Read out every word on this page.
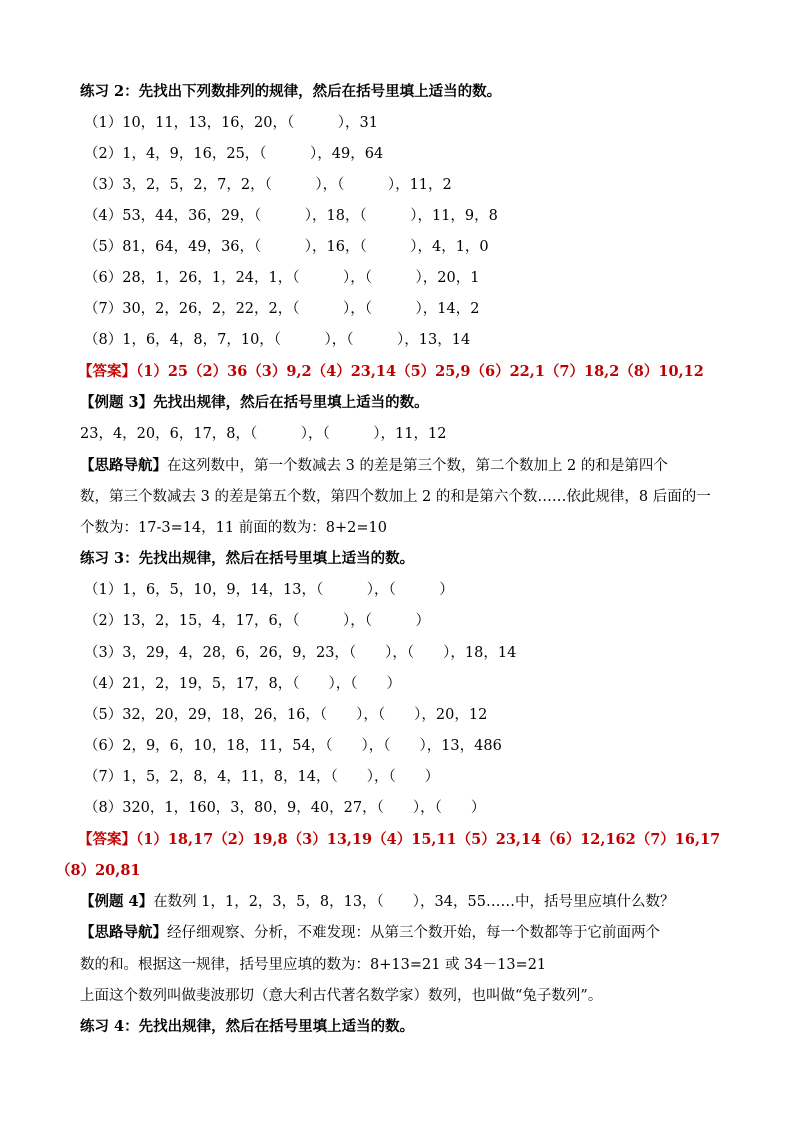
练习 2：先找出下列数排列的规律，然后在括号里填上适当的数。
（1）10，11，13，16，20，（　　　），31
（2）1，4，9，16，25，（　　　），49，64
（3）3，2，5，2，7，2，（　　　），（　　　），11，2
（4）53，44，36，29，（　　　），18，（　　　），11，9，8
（5）81，64，49，36，（　　　），16，（　　　），4，1，0
（6）28，1，26，1，24，1，（　　　），（　　　），20，1
（7）30，2，26，2，22，2，（　　　），（　　　），14，2
（8）1，6，4，8，7，10，（　　　），（　　　），13，14
【答案】（1）25（2）36（3）9,2（4）23,14（5）25,9（6）22,1（7）18,2（8）10,12
【例题 3】先找出规律，然后在括号里填上适当的数。
23，4，20，6，17，8，（　　　），（　　　），11，12
【思路导航】在这列数中，第一个数减去 3 的差是第三个数，第二个数加上 2 的和是第四个
数，第三个数减去 3 的差是第五个数，第四个数加上 2 的和是第六个数……依此规律，8 后面的一
个数为：17-3=14，11 前面的数为：8+2=10
练习 3：先找出规律，然后在括号里填上适当的数。
（1）1，6，5，10，9，14，13，（　　　），（　　　）
（2）13，2，15，4，17，6，（　　　），（　　　）
（3）3，29，4，28，6，26，9，23，（　　），（　　），18，14
（4）21，2，19，5，17，8，（　　），（　　）
（5）32，20，29，18，26，16，（　　），（　　），20，12
（6）2，9，6，10，18，11，54，（　　），（　　），13，486
（7）1，5，2，8，4，11，8，14，（　　），（　　）
（8）320，1，160，3，80，9，40，27，（　　），（　　）
【答案】（1）18,17（2）19,8（3）13,19（4）15,11（5）23,14（6）12,162（7）16,17
（8）20,81
【例题 4】在数列 1，1，2，3，5，8，13，（　　），34，55……中，括号里应填什么数？
【思路导航】经仔细观察、分析，不难发现：从第三个数开始，每一个数都等于它前面两个
数的和。根据这一规律，括号里应填的数为：8+13=21 或 34－13=21
上面这个数列叫做斐波那切（意大利古代著名数学家）数列，也叫做“兔子数列”。
练习 4：先找出规律，然后在括号里填上适当的数。
